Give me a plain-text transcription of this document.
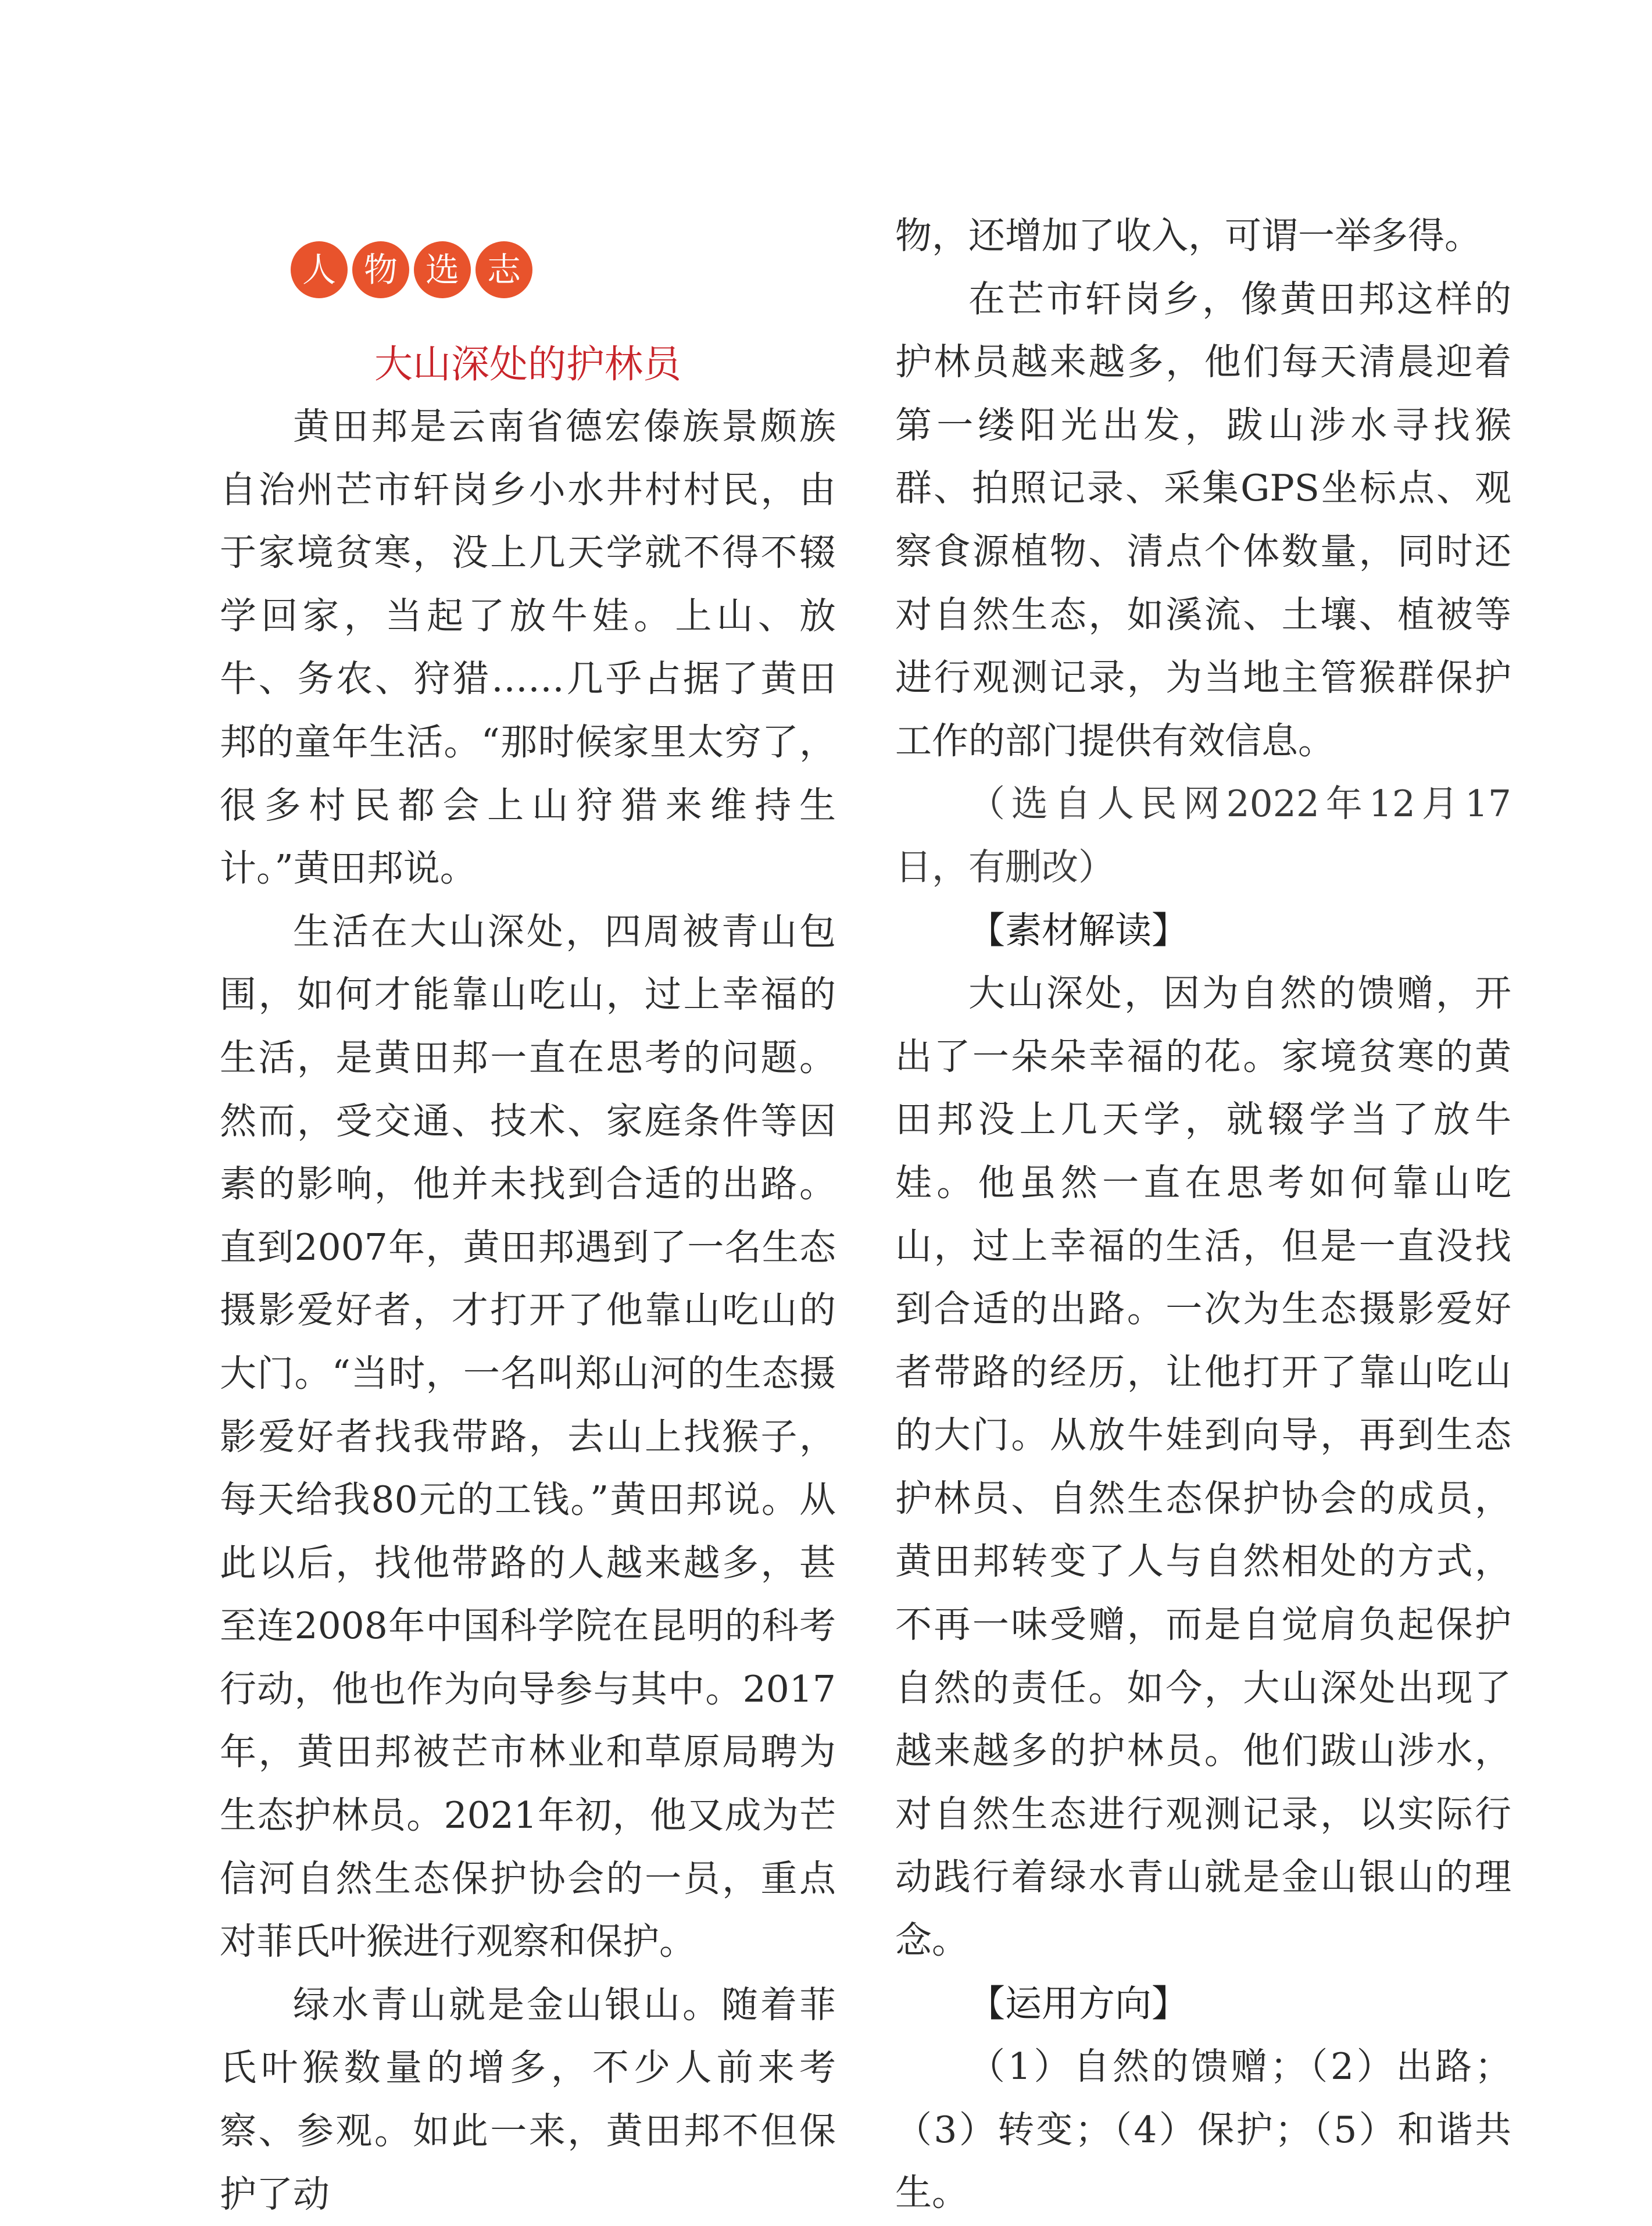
人 物 选 志
大山深处的护林员

黄田邦是云南省德宏傣族景颇族自治州芒市轩岗乡小水井村村民，由于家境贫寒，没上几天学就不得不辍学回家，当起了放牛娃。上山、放牛、务农、狩猎……几乎占据了黄田邦的童年生活。“那时候家里太穷了，很多村民都会上山狩猎来维持生计。”黄田邦说。

生活在大山深处，四周被青山包围，如何才能靠山吃山，过上幸福的生活，是黄田邦一直在思考的问题。然而，受交通、技术、家庭条件等因素的影响，他并未找到合适的出路。直到2007年，黄田邦遇到了一名生态摄影爱好者，才打开了他靠山吃山的大门。“当时，一名叫郑山河的生态摄影爱好者找我带路，去山上找猴子，每天给我80元的工钱。”黄田邦说。从此以后，找他带路的人越来越多，甚至连2008年中国科学院在昆明的科考行动，他也作为向导参与其中。2017年，黄田邦被芒市林业和草原局聘为生态护林员。2021年初，他又成为芒信河自然生态保护协会的一员，重点对菲氏叶猴进行观察和保护。

绿水青山就是金山银山。随着菲氏叶猴数量的增多，不少人前来考察、参观。如此一来，黄田邦不但保护了动

物，还增加了收入，可谓一举多得。

在芒市轩岗乡，像黄田邦这样的护林员越来越多，他们每天清晨迎着第一缕阳光出发，跋山涉水寻找猴群、拍照记录、采集GPS坐标点、观察食源植物、清点个体数量，同时还对自然生态，如溪流、土壤、植被等进行观测记录，为当地主管猴群保护工作的部门提供有效信息。

（选自人民网2022年12月17日，有删改）

【素材解读】

大山深处，因为自然的馈赠，开出了一朵朵幸福的花。家境贫寒的黄田邦没上几天学，就辍学当了放牛娃。他虽然一直在思考如何靠山吃山，过上幸福的生活，但是一直没找到合适的出路。一次为生态摄影爱好者带路的经历，让他打开了靠山吃山的大门。从放牛娃到向导，再到生态护林员、自然生态保护协会的成员，黄田邦转变了人与自然相处的方式，不再一味受赠，而是自觉肩负起保护自然的责任。如今，大山深处出现了越来越多的护林员。他们跋山涉水，对自然生态进行观测记录，以实际行动践行着绿水青山就是金山银山的理念。

【运用方向】

（1）自然的馈赠；（2）出路；（3）转变；（4）保护；（5）和谐共生。
